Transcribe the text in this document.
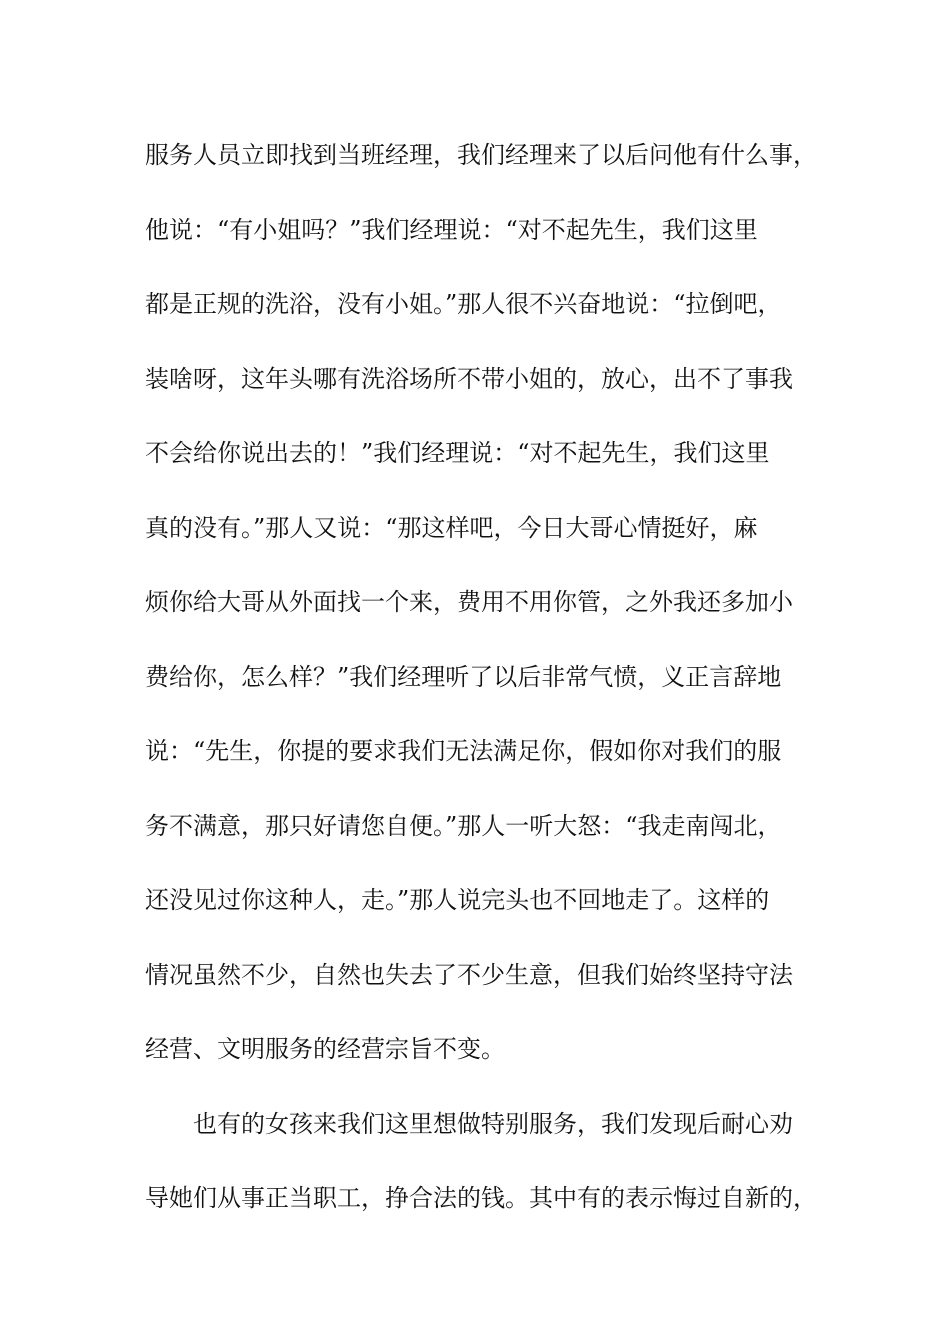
服务人员立即找到当班经理，我们经理来了以后问他有什么事，
他说：“有小姐吗？”我们经理说：“对不起先生，我们这里
都是正规的洗浴，没有小姐。”那人很不兴奋地说：“拉倒吧，
装啥呀，这年头哪有洗浴场所不带小姐的，放心，出不了事我
不会给你说出去的！”我们经理说：“对不起先生，我们这里
真的没有。”那人又说：“那这样吧，今日大哥心情挺好，麻
烦你给大哥从外面找一个来，费用不用你管，之外我还多加小
费给你，怎么样？”我们经理听了以后非常气愤，义正言辞地
说：“先生，你提的要求我们无法满足你，假如你对我们的服
务不满意，那只好请您自便。”那人一听大怒：“我走南闯北，
还没见过你这种人，走。”那人说完头也不回地走了。这样的
情况虽然不少，自然也失去了不少生意，但我们始终坚持守法
经营、文明服务的经营宗旨不变。
也有的女孩来我们这里想做特别服务，我们发现后耐心劝
导她们从事正当职工，挣合法的钱。其中有的表示悔过自新的，
